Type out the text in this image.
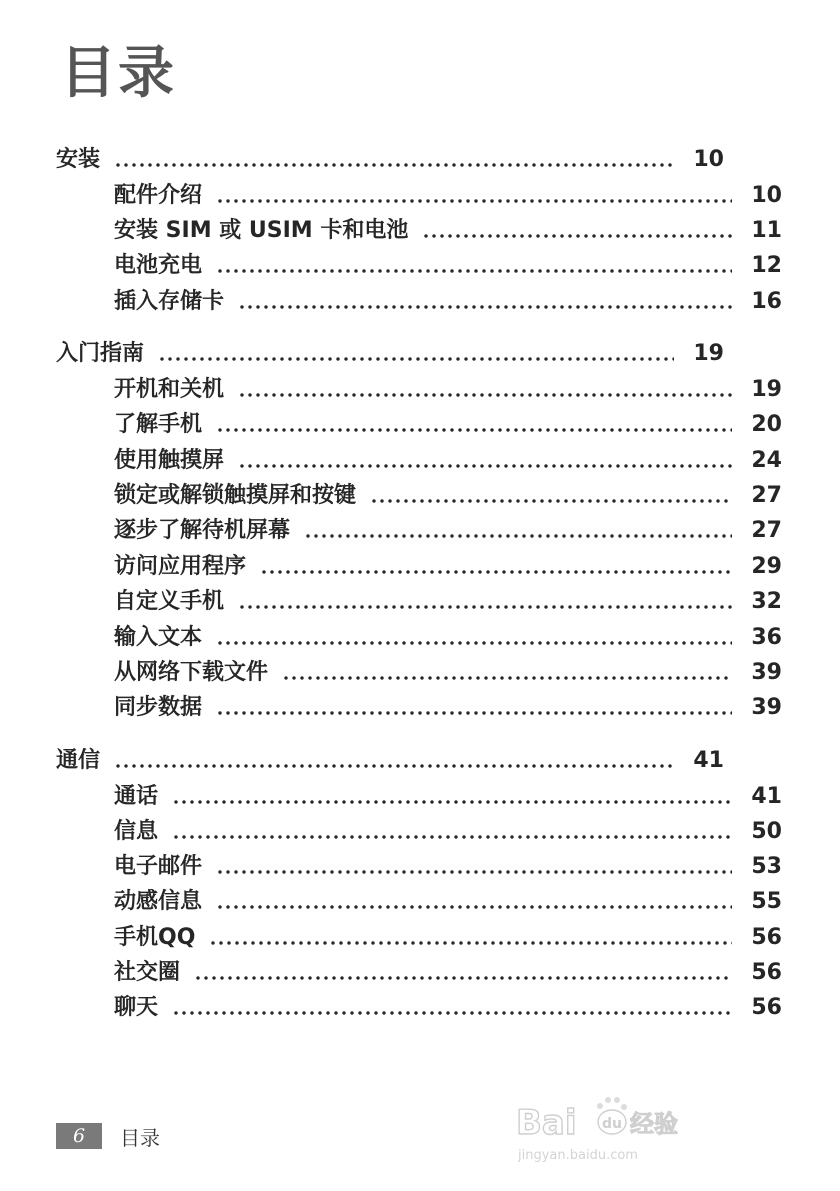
目录
安装	10
配件介绍	10
安装 SIM 或 USIM 卡和电池	11
电池充电	12
插入存储卡	16
入门指南	19
开机和关机	19
了解手机	20
使用触摸屏	24
锁定或解锁触摸屏和按键	27
逐步了解待机屏幕	27
访问应用程序	29
自定义手机	32
输入文本	36
从网络下载文件	39
同步数据	39
通信	41
通话	41
信息	50
电子邮件	53
动感信息	55
手机QQ	56
社交圈	56
聊天	56
6	目录	Bai du 经验
jingyan.baidu.com
